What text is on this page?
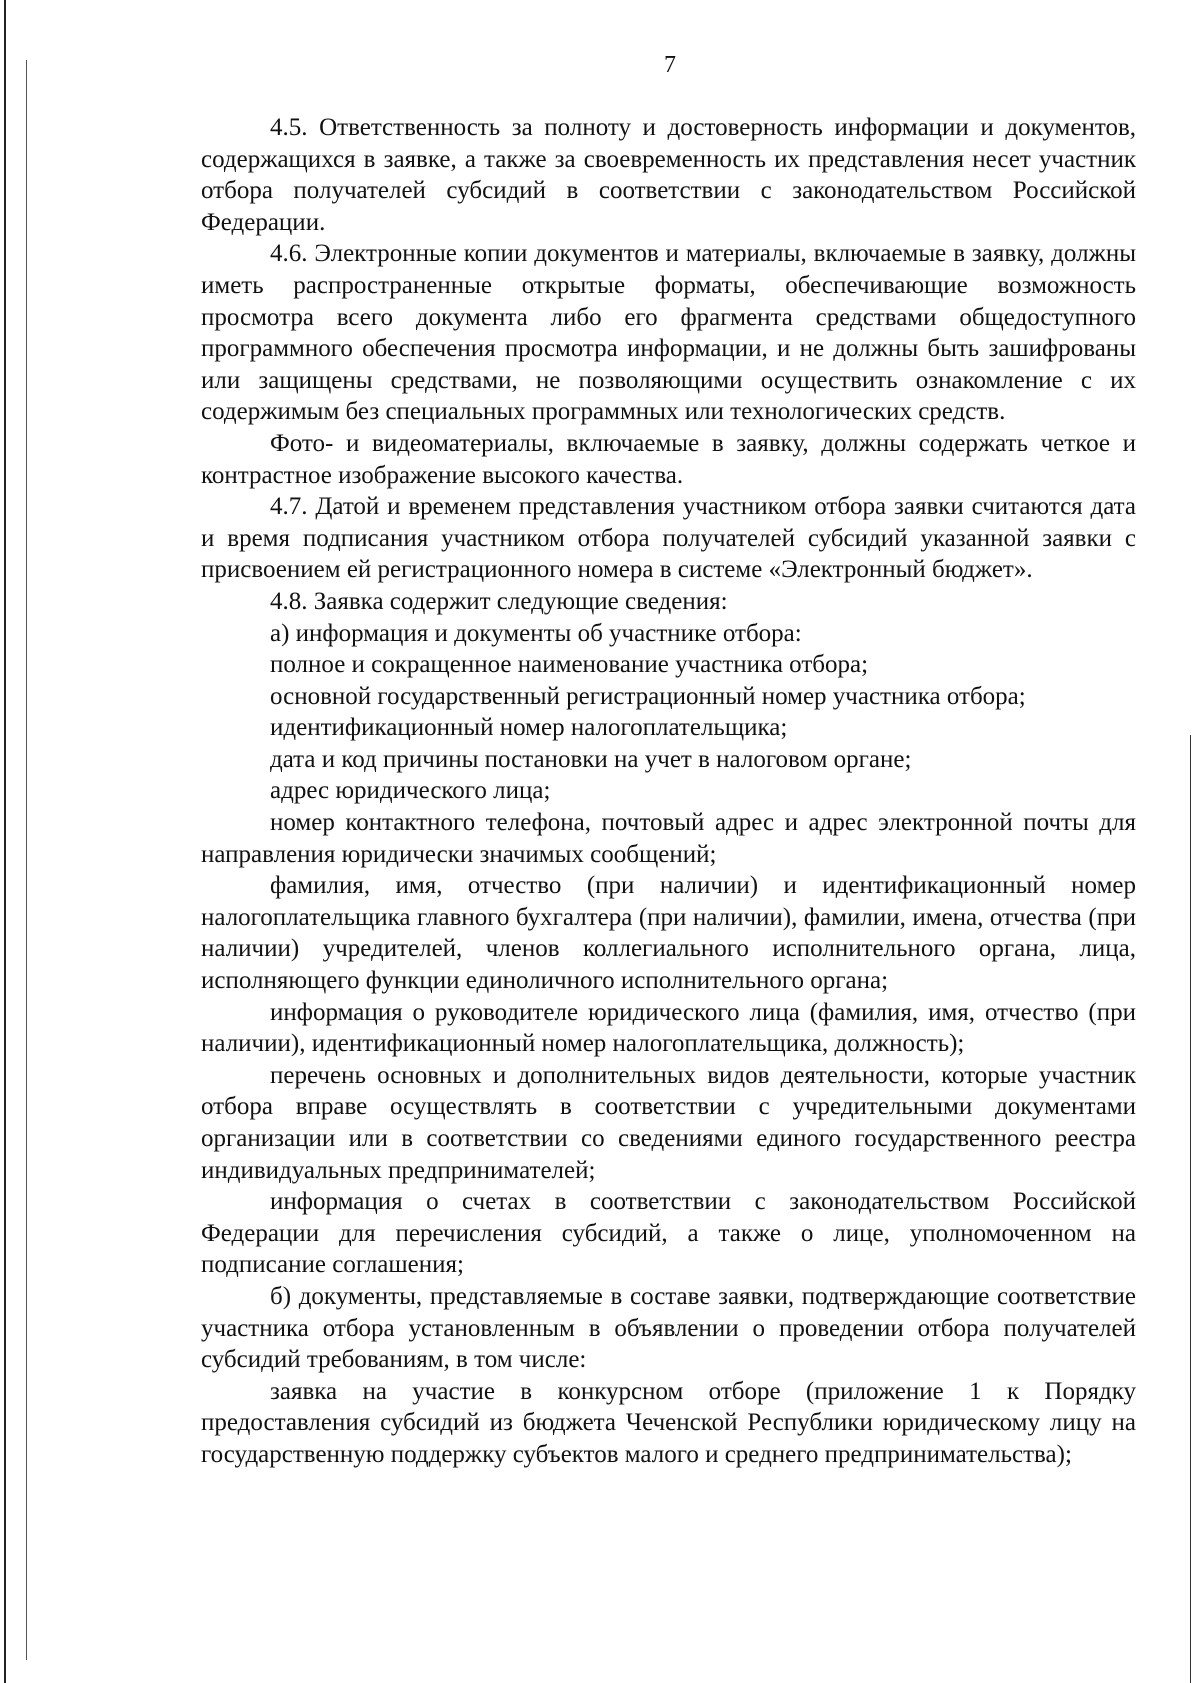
7

4.5. Ответственность за полноту и достоверность информации и документов, содержащихся в заявке, а также за своевременность их представления несет участник отбора получателей субсидий в соответствии с законодательством Российской Федерации.

4.6. Электронные копии документов и материалы, включаемые в заявку, должны иметь распространенные открытые форматы, обеспечивающие возможность просмотра всего документа либо его фрагмента средствами общедоступного программного обеспечения просмотра информации, и не должны быть зашифрованы или защищены средствами, не позволяющими осуществить ознакомление с их содержимым без специальных программных или технологических средств.

Фото- и видеоматериалы, включаемые в заявку, должны содержать четкое и контрастное изображение высокого качества.

4.7. Датой и временем представления участником отбора заявки считаются дата и время подписания участником отбора получателей субсидий указанной заявки с присвоением ей регистрационного номера в системе «Электронный бюджет».

4.8. Заявка содержит следующие сведения:

а) информация и документы об участнике отбора:

полное и сокращенное наименование участника отбора;

основной государственный регистрационный номер участника отбора;

идентификационный номер налогоплательщика;

дата и код причины постановки на учет в налоговом органе;

адрес юридического лица;

номер контактного телефона, почтовый адрес и адрес электронной почты для направления юридически значимых сообщений;

фамилия, имя, отчество (при наличии) и идентификационный номер налогоплательщика главного бухгалтера (при наличии), фамилии, имена, отчества (при наличии) учредителей, членов коллегиального исполнительного органа, лица, исполняющего функции единоличного исполнительного органа;

информация о руководителе юридического лица (фамилия, имя, отчество (при наличии), идентификационный номер налогоплательщика, должность);

перечень основных и дополнительных видов деятельности, которые участник отбора вправе осуществлять в соответствии с учредительными документами организации или в соответствии со сведениями единого государственного реестра индивидуальных предпринимателей;

информация о счетах в соответствии с законодательством Российской Федерации для перечисления субсидий, а также о лице, уполномоченном на подписание соглашения;

б) документы, представляемые в составе заявки, подтверждающие соответствие участника отбора установленным в объявлении о проведении отбора получателей субсидий требованиям, в том числе:

заявка на участие в конкурсном отборе (приложение 1 к Порядку предоставления субсидий из бюджета Чеченской Республики юридическому лицу на государственную поддержку субъектов малого и среднего предпринимательства);
